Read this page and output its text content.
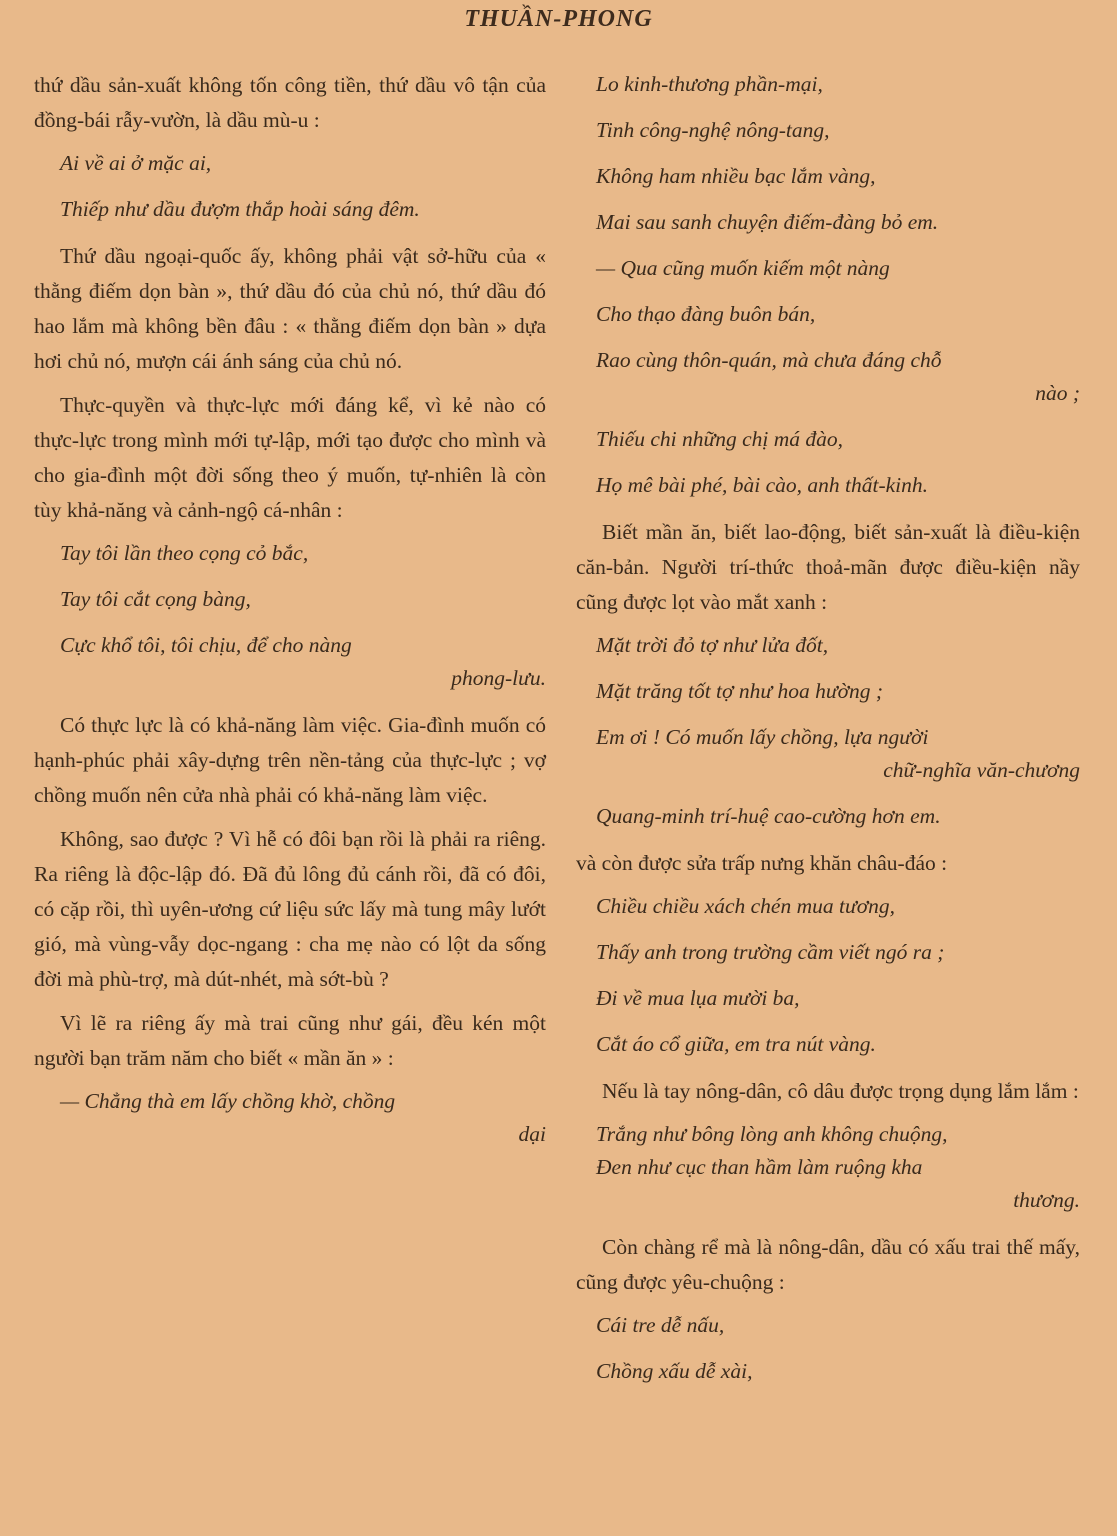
THUẦN-PHONG
thứ dầu sản-xuất không tốn công tiền, thứ dầu vô tận của đồng-bái rẫy-vườn, là dầu mù-u :
Ai về ai ở mặc ai,
Thiếp như dầu đượm thắp hoài sáng đêm.
Thứ dầu ngoại-quốc ấy, không phải vật sở-hữu của « thằng điếm dọn bàn », thứ dầu đó của chủ nó, thứ dầu đó hao lắm mà không bền đâu : « thằng điếm dọn bàn » dựa hơi chủ nó, mượn cái ánh sáng của chủ nó.
Thực-quyền và thực-lực mới đáng kể, vì kẻ nào có thực-lực trong mình mới tự-lập, mới tạo được cho mình và cho gia-đình một đời sống theo ý muốn, tự-nhiên là còn tùy khả-năng và cảnh-ngộ cá-nhân :
Tay tôi lần theo cọng cỏ bắc,
Tay tôi cắt cọng bàng,
Cực khổ tôi, tôi chịu, để cho nàng
phong-lưu.
Có thực lực là có khả-năng làm việc. Gia-đình muốn có hạnh-phúc phải xây-dựng trên nền-tảng của thực-lực ; vợ chồng muốn nên cửa nhà phải có khả-năng làm việc.
Không, sao được ? Vì hễ có đôi bạn rồi là phải ra riêng. Ra riêng là độc-lập đó. Đã đủ lông đủ cánh rồi, đã có đôi, có cặp rồi, thì uyên-ương cứ liệu sức lấy mà tung mây lướt gió, mà vùng-vẫy dọc-ngang : cha mẹ nào có lột da sống đời mà phù-trợ, mà dút-nhét, mà sớt-bù ?
Vì lẽ ra riêng ấy mà trai cũng như gái, đều kén một người bạn trăm năm cho biết « mần ăn » :
— Chẳng thà em lấy chồng khờ, chồng
dại
Lo kinh-thương phần-mại,
Tinh công-nghệ nông-tang,
Không ham nhiều bạc lắm vàng,
Mai sau sanh chuyện điếm-đàng bỏ em.
— Qua cũng muốn kiếm một nàng
Cho thạo đàng buôn bán,
Rao cùng thôn-quán, mà chưa đáng chỗ
nào ;
Thiếu chi những chị má đào,
Họ mê bài phé, bài cào, anh thất-kinh.
Biết mần ăn, biết lao-động, biết sản-xuất là điều-kiện căn-bản. Người trí-thức thoả-mãn được điều-kiện nầy cũng được lọt vào mắt xanh :
Mặt trời đỏ tợ như lửa đốt,
Mặt trăng tốt tợ như hoa hường ;
Em ơi ! Có muốn lấy chồng, lựa người
chữ-nghĩa văn-chương
Quang-minh trí-huệ cao-cường hơn em.
và còn được sửa trấp nưng khăn châu-đáo :
Chiều chiều xách chén mua tương,
Thấy anh trong trường cầm viết ngó ra ;
Đi về mua lụa mười ba,
Cắt áo cổ giữa, em tra nút vàng.
Nếu là tay nông-dân, cô dâu được trọng dụng lắm lắm :
Trắng như bông lòng anh không chuộng,
Đen như cục than hầm làm ruộng kha
thương.
Còn chàng rể mà là nông-dân, dầu có xấu trai thế mấy, cũng được yêu-chuộng :
Cái tre dễ nấu,
Chồng xấu dễ xài,
